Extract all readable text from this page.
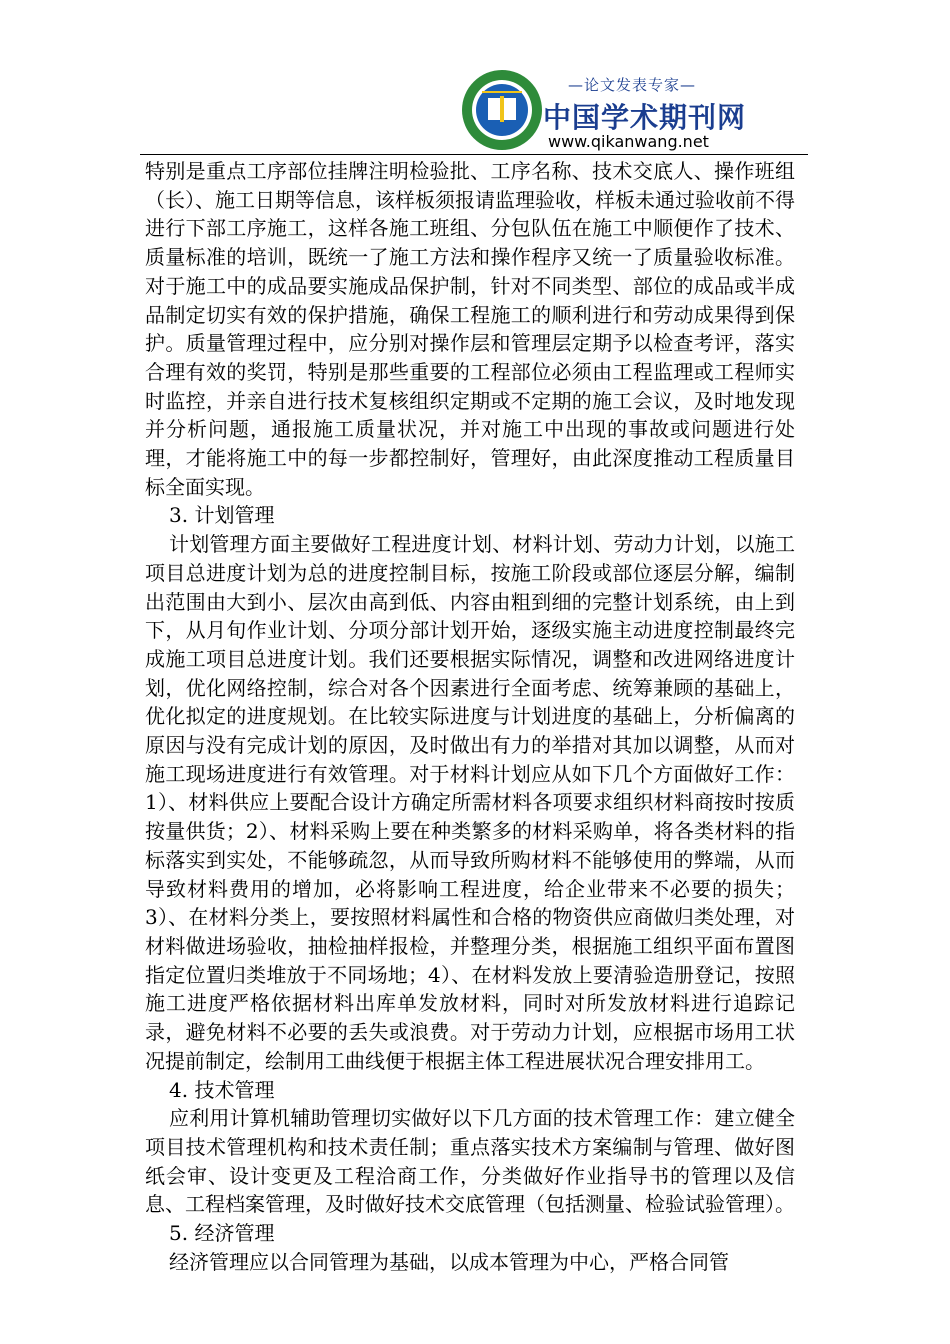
—论文发表专家—
中国学术期刊网
www.qikanwang.net

特别是重点工序部位挂牌注明检验批、工序名称、技术交底人、操作班组（长）、施工日期等信息，该样板须报请监理验收，样板未通过验收前不得进行下部工序施工，这样各施工班组、分包队伍在施工中顺便作了技术、质量标准的培训，既统一了施工方法和操作程序又统一了质量验收标准。对于施工中的成品要实施成品保护制，针对不同类型、部位的成品或半成品制定切实有效的保护措施，确保工程施工的顺利进行和劳动成果得到保护。质量管理过程中，应分别对操作层和管理层定期予以检查考评，落实合理有效的奖罚，特别是那些重要的工程部位必须由工程监理或工程师实时监控，并亲自进行技术复核组织定期或不定期的施工会议，及时地发现并分析问题，通报施工质量状况，并对施工中出现的事故或问题进行处理，才能将施工中的每一步都控制好，管理好，由此深度推动工程质量目标全面实现。

3. 计划管理

计划管理方面主要做好工程进度计划、材料计划、劳动力计划，以施工项目总进度计划为总的进度控制目标，按施工阶段或部位逐层分解，编制出范围由大到小、层次由高到低、内容由粗到细的完整计划系统，由上到下，从月旬作业计划、分项分部计划开始，逐级实施主动进度控制最终完成施工项目总进度计划。我们还要根据实际情况，调整和改进网络进度计划，优化网络控制，综合对各个因素进行全面考虑、统筹兼顾的基础上，优化拟定的进度规划。在比较实际进度与计划进度的基础上，分析偏离的原因与没有完成计划的原因，及时做出有力的举措对其加以调整，从而对施工现场进度进行有效管理。对于材料计划应从如下几个方面做好工作：1）、材料供应上要配合设计方确定所需材料各项要求组织材料商按时按质按量供货；2）、材料采购上要在种类繁多的材料采购单，将各类材料的指标落实到实处，不能够疏忽，从而导致所购材料不能够使用的弊端，从而导致材料费用的增加，必将影响工程进度，给企业带来不必要的损失；3）、在材料分类上，要按照材料属性和合格的物资供应商做归类处理，对材料做进场验收，抽检抽样报检，并整理分类，根据施工组织平面布置图指定位置归类堆放于不同场地；4）、在材料发放上要清验造册登记，按照施工进度严格依据材料出库单发放材料，同时对所发放材料进行追踪记录，避免材料不必要的丢失或浪费。对于劳动力计划，应根据市场用工状况提前制定，绘制用工曲线便于根据主体工程进展状况合理安排用工。

4. 技术管理

应利用计算机辅助管理切实做好以下几方面的技术管理工作：建立健全项目技术管理机构和技术责任制；重点落实技术方案编制与管理、做好图纸会审、设计变更及工程洽商工作，分类做好作业指导书的管理以及信息、工程档案管理，及时做好技术交底管理（包括测量、检验试验管理）。

5. 经济管理

经济管理应以合同管理为基础，以成本管理为中心，严格合同管
